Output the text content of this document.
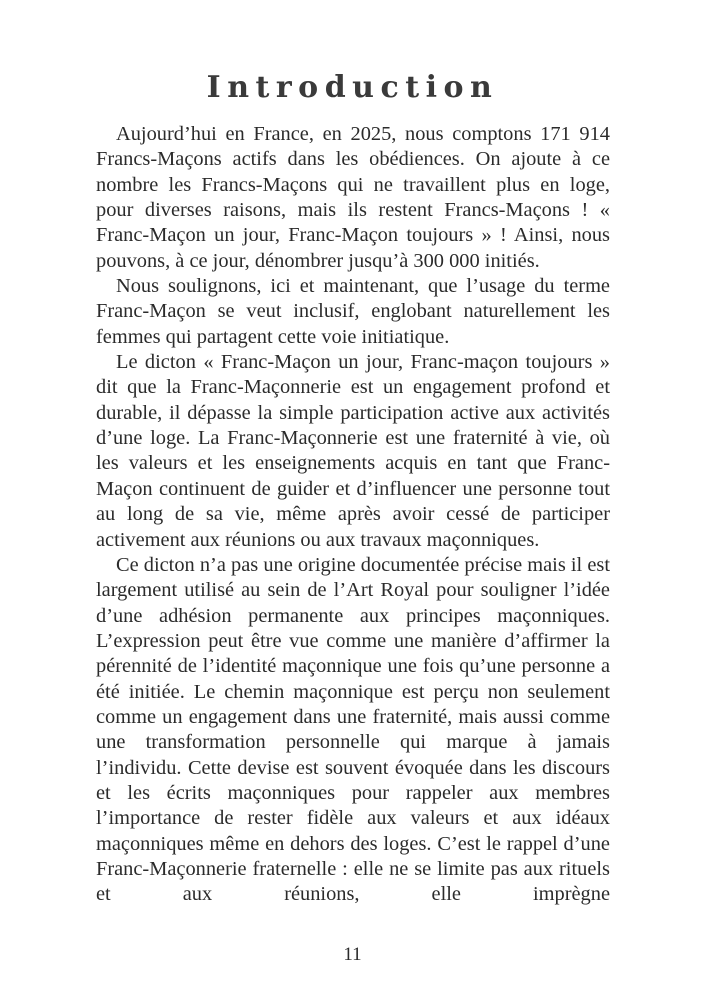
Introduction

Aujourd’hui en France, en 2025, nous comptons 171 914 Francs-Maçons actifs dans les obédiences. On ajoute à ce nombre les Francs-Maçons qui ne travaillent plus en loge, pour diverses raisons, mais ils restent Francs-Maçons ! « Franc-Maçon un jour, Franc-Maçon toujours » ! Ainsi, nous pouvons, à ce jour, dénombrer jusqu’à 300 000 initiés.

Nous soulignons, ici et maintenant, que l’usage du terme Franc-Maçon se veut inclusif, englobant naturellement les femmes qui partagent cette voie initiatique.

Le dicton « Franc-Maçon un jour, Franc-maçon toujours » dit que la Franc-Maçonnerie est un engagement profond et durable, il dépasse la simple participation active aux activités d’une loge. La Franc-Maçonnerie est une fraternité à vie, où les valeurs et les enseignements acquis en tant que Franc-Maçon continuent de guider et d’influencer une personne tout au long de sa vie, même après avoir cessé de participer activement aux réunions ou aux travaux maçonniques.

Ce dicton n’a pas une origine documentée précise mais il est largement utilisé au sein de l’Art Royal pour souligner l’idée d’une adhésion permanente aux principes maçonniques. L’expression peut être vue comme une manière d’affirmer la pérennité de l’identité maçonnique une fois qu’une personne a été initiée. Le chemin maçonnique est perçu non seulement comme un engagement dans une fraternité, mais aussi comme une transformation personnelle qui marque à jamais l’individu. Cette devise est souvent évoquée dans les discours et les écrits maçonniques pour rappeler aux membres l’importance de rester fidèle aux valeurs et aux idéaux maçonniques même en dehors des loges. C’est le rappel d’une Franc-Maçonnerie fraternelle : elle ne se limite pas aux rituels et aux réunions, elle imprègne

11
